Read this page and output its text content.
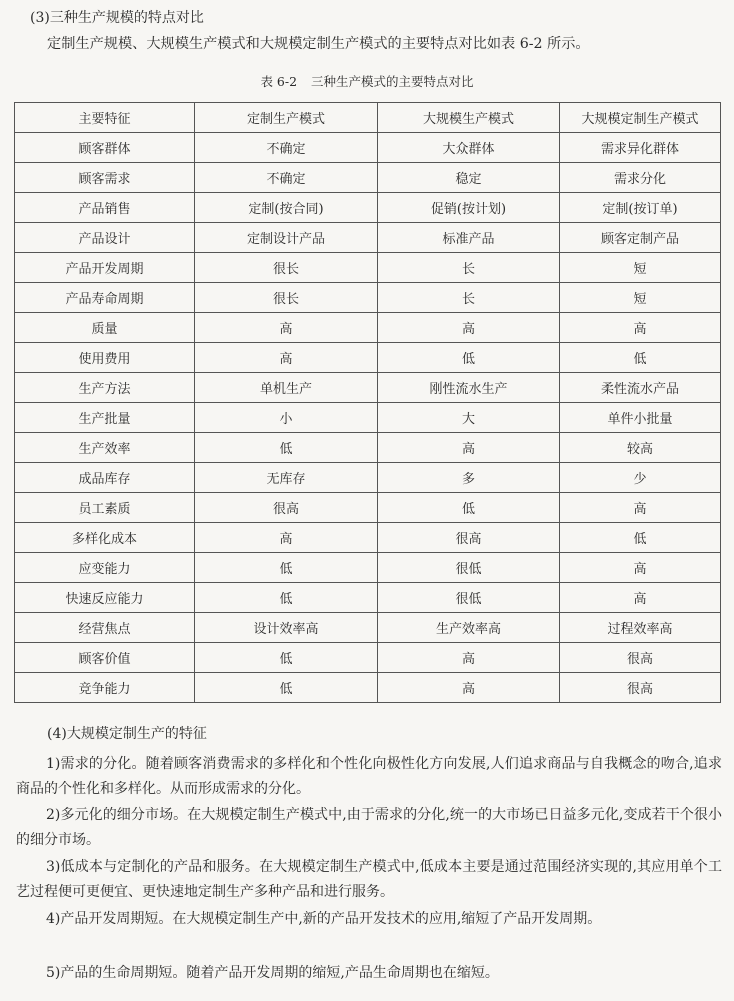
(3)三种生产规模的特点对比
定制生产规模、大规模生产模式和大规模定制生产模式的主要特点对比如表 6-2 所示。
表 6-2 三种生产模式的主要特点对比
主要特征	定制生产模式	大规模生产模式	大规模定制生产模式
顾客群体	不确定	大众群体	需求异化群体
顾客需求	不确定	稳定	需求分化
产品销售	定制(按合同)	促销(按计划)	定制(按订单)
产品设计	定制设计产品	标准产品	顾客定制产品
产品开发周期	很长	长	短
产品寿命周期	很长	长	短
质量	高	高	高
使用费用	高	低	低
生产方法	单机生产	刚性流水生产	柔性流水产品
生产批量	小	大	单件小批量
生产效率	低	高	较高
成品库存	无库存	多	少
员工素质	很高	低	高
多样化成本	高	很高	低
应变能力	低	很低	高
快速反应能力	低	很低	高
经营焦点	设计效率高	生产效率高	过程效率高
顾客价值	低	高	很高
竞争能力	低	高	很高
(4)大规模定制生产的特征

1)需求的分化。随着顾客消费需求的多样化和个性化向极性化方向发展,人们追求商品与自我概念的吻合,追求商品的个性化和多样化。从而形成需求的分化。

2)多元化的细分市场。在大规模定制生产模式中,由于需求的分化,统一的大市场已日益多元化,变成若干个很小的细分市场。

3)低成本与定制化的产品和服务。在大规模定制生产模式中,低成本主要是通过范围经济实现的,其应用单个工艺过程便可更便宜、更快速地定制生产多种产品和进行服务。

4)产品开发周期短。在大规模定制生产中,新的产品开发技术的应用,缩短了产品开发周期。

5)产品的生命周期短。随着产品开发周期的缩短,产品生命周期也在缩短。
